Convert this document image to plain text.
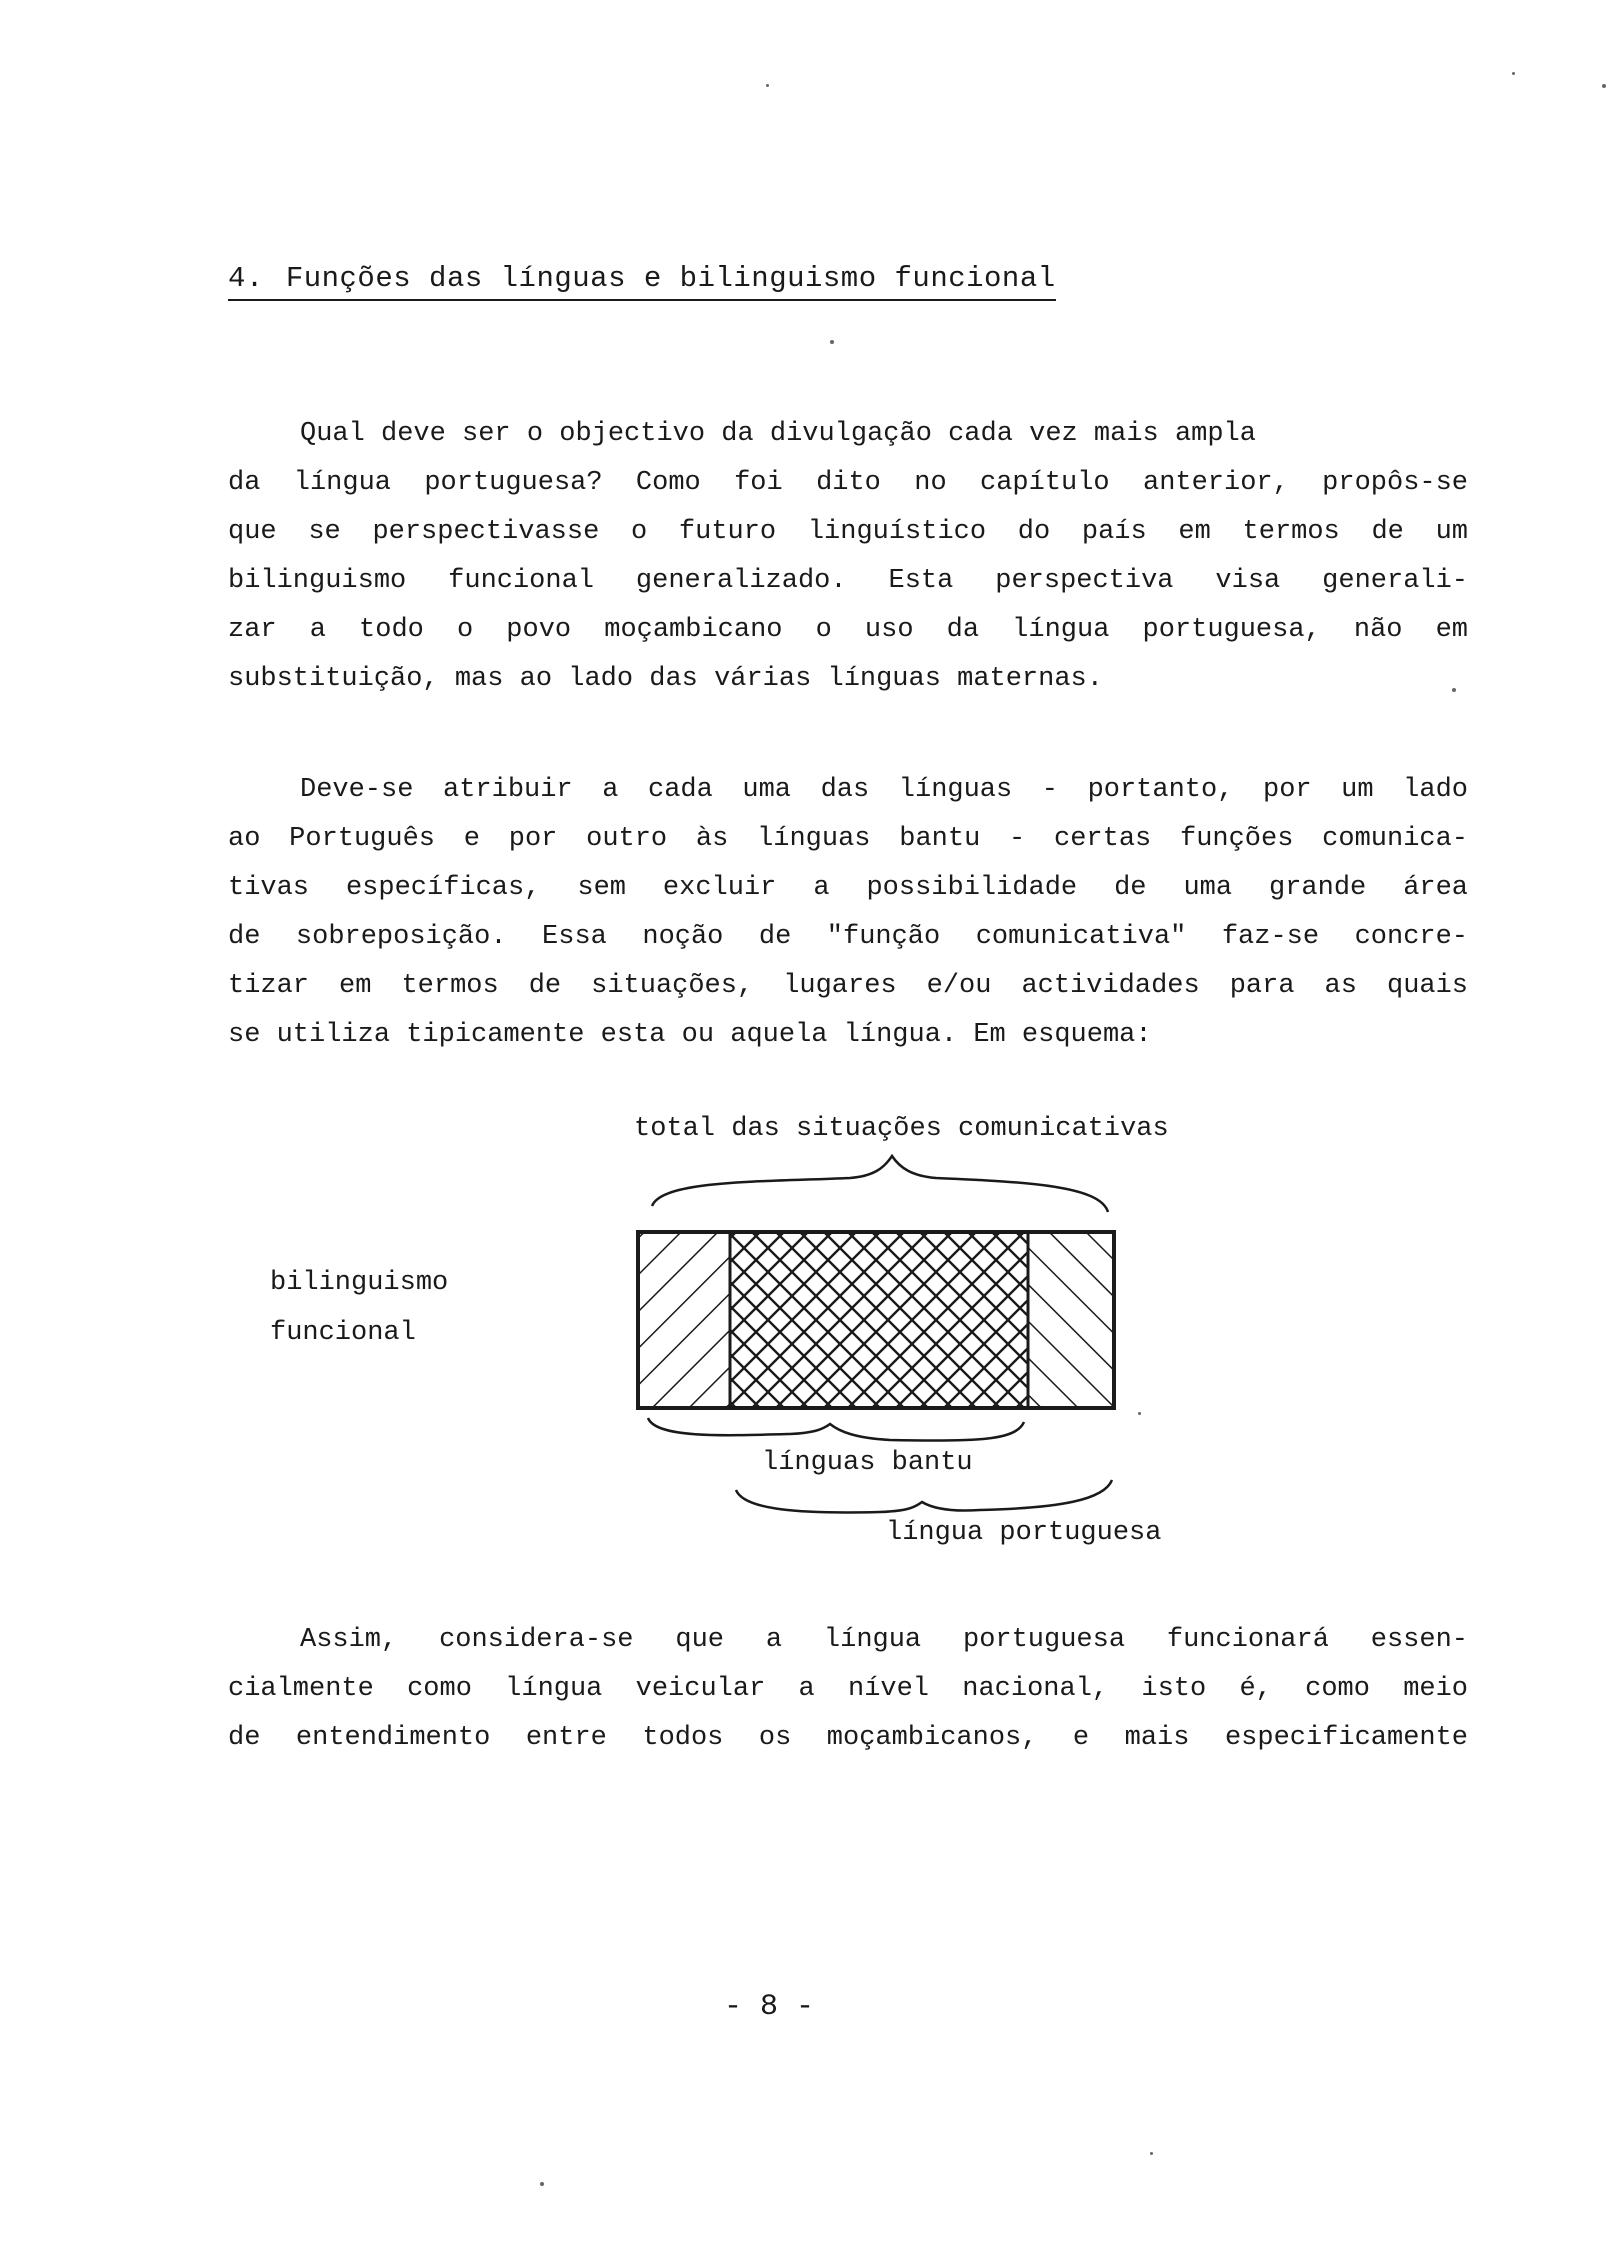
4. Funções das línguas e bilinguismo funcional
Qual deve ser o objectivo da divulgação cada vez mais ampla
da língua portuguesa? Como foi dito no capítulo anterior, propôs-se
que se perspectivasse o futuro linguístico do país em termos de um
bilinguismo funcional generalizado. Esta perspectiva visa generali-
zar a todo o povo moçambicano o uso da língua portuguesa, não em
substituição, mas ao lado das várias línguas maternas.
Deve-se atribuir a cada uma das línguas - portanto, por um lado
ao Português e por outro às línguas bantu - certas funções comunica-
tivas específicas, sem excluir a possibilidade de uma grande área
de sobreposição. Essa noção de "função comunicativa" faz-se concre-
tizar em termos de situações, lugares e/ou actividades para as quais
se utiliza tipicamente esta ou aquela língua. Em esquema:
total das situações comunicativas
bilinguismo
funcional
línguas bantu
língua portuguesa
Assim, considera-se que a língua portuguesa funcionará essen-
cialmente como língua veicular a nível nacional, isto é, como meio
de entendimento entre todos os moçambicanos, e mais especificamente
- 8 -
